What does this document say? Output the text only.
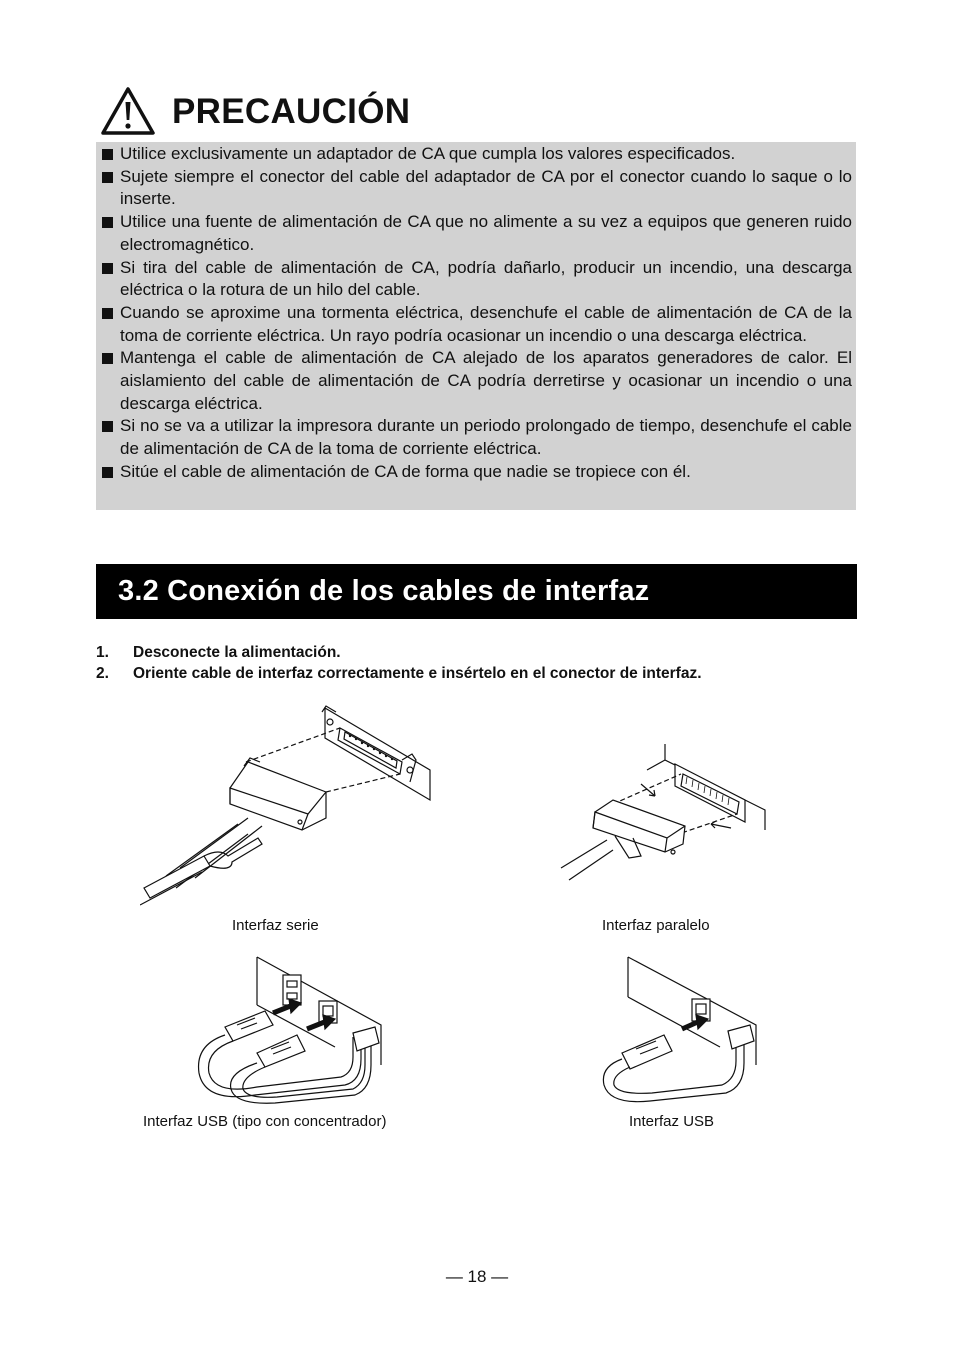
PRECAUCIÓN
Utilice exclusivamente un adaptador de CA que cumpla los valores especificados.
Sujete siempre el conector del cable del adaptador de CA por el conector cuando lo saque o lo inserte.
Utilice una fuente de alimentación de CA que no alimente a su vez a equipos que generen ruido electromagnético.
Si tira del cable de alimentación de CA, podría dañarlo, producir un incendio, una descarga eléctrica o la rotura de un hilo del cable.
Cuando se aproxime una tormenta eléctrica, desenchufe el cable de alimentación de CA de la toma de corriente eléctrica. Un rayo podría ocasionar un incendio o una descarga eléctrica.
Mantenga el cable de alimentación de CA alejado de los aparatos generadores de calor. El aislamiento del cable de alimentación de CA podría derretirse y ocasionar un incendio o una descarga eléctrica.
Si no se va a utilizar la impresora durante un periodo prolongado de tiempo, desenchufe el cable de alimentación de CA de la toma de corriente eléctrica.
Sitúe el cable de alimentación de CA de forma que nadie se tropiece con él.
3.2 Conexión de los cables de interfaz
1. Desconecte la alimentación.
2. Oriente cable de interfaz correctamente e insértelo en el conector de interfaz.
Interfaz serie	Interfaz paralelo
Interfaz USB (tipo con concentrador)	Interfaz USB
— 18 —
